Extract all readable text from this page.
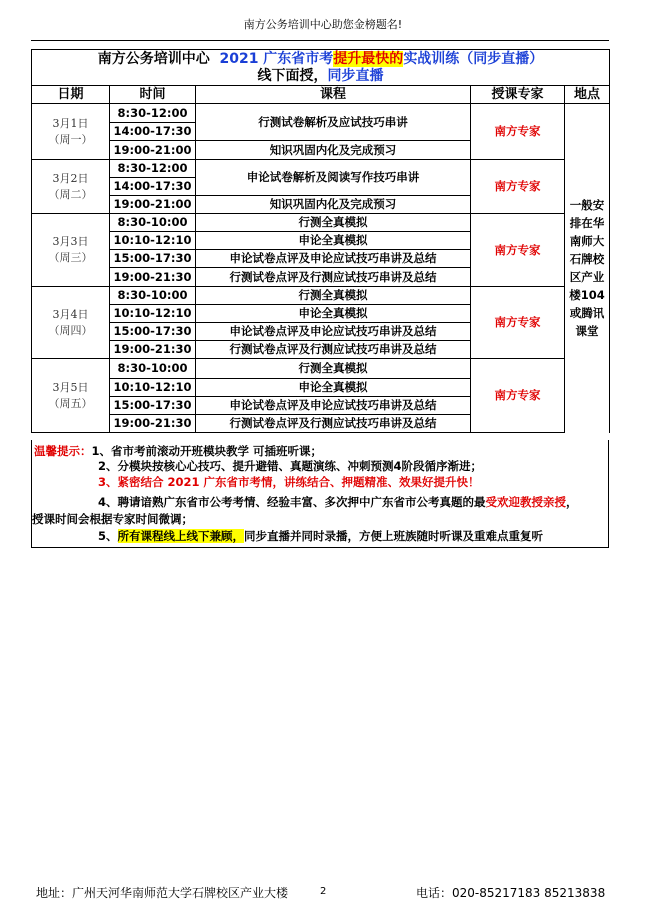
南方公务培训中心助您金榜题名!
南方公务培训中心 2021 广东省市考提升最快的实战训练（同步直播）
线下面授，同步直播				
日期	时间	课程	授课专家	地点
3月1日
（周一）	8:30-12:00	行测试卷解析及应试技巧串讲	南方专家	一般安排在华南师大石牌校区产业楼104或腾讯课堂
	14:00-17:30			
	19:00-21:00	知识巩固内化及完成预习		
3月2日
（周二）	8:30-12:00	申论试卷解析及阅读写作技巧串讲	南方专家	
	14:00-17:30			
	19:00-21:00	知识巩固内化及完成预习		
3月3日
（周三）	8:30-10:00	行测全真模拟	南方专家	
	10:10-12:10	申论全真模拟		
	15:00-17:30	申论试卷点评及申论应试技巧串讲及总结		
	19:00-21:30	行测试卷点评及行测应试技巧串讲及总结		
3月4日
（周四）	8:30-10:00	行测全真模拟	南方专家	
	10:10-12:10	申论全真模拟		
	15:00-17:30	申论试卷点评及申论应试技巧串讲及总结		
	19:00-21:30	行测试卷点评及行测应试技巧串讲及总结		
3月5日
（周五）	8:30-10:00	行测全真模拟	南方专家	
	10:10-12:10	申论全真模拟		
	15:00-17:30	申论试卷点评及申论应试技巧串讲及总结		
	19:00-21:30	行测试卷点评及行测应试技巧串讲及总结		
温馨提示：1、省市考前滚动开班模块教学 可插班听课；
2、分模块按核心心技巧、提升避错、真题演练、冲刺预测4阶段循序渐进；
3、紧密结合 2021 广东省市考情，讲练结合、押题精准、效果好提升快！
4、聘请谙熟广东省市公考考情、经验丰富、多次押中广东省市公考真题的最受欢迎教授亲授，
授课时间会根据专家时间微调；
5、所有课程线上线下兼顾，同步直播并同时录播，方便上班族随时听课及重难点重复听
地址：广州天河华南师范大学石牌校区产业大楼	2	电话：020-85217183 85213838
